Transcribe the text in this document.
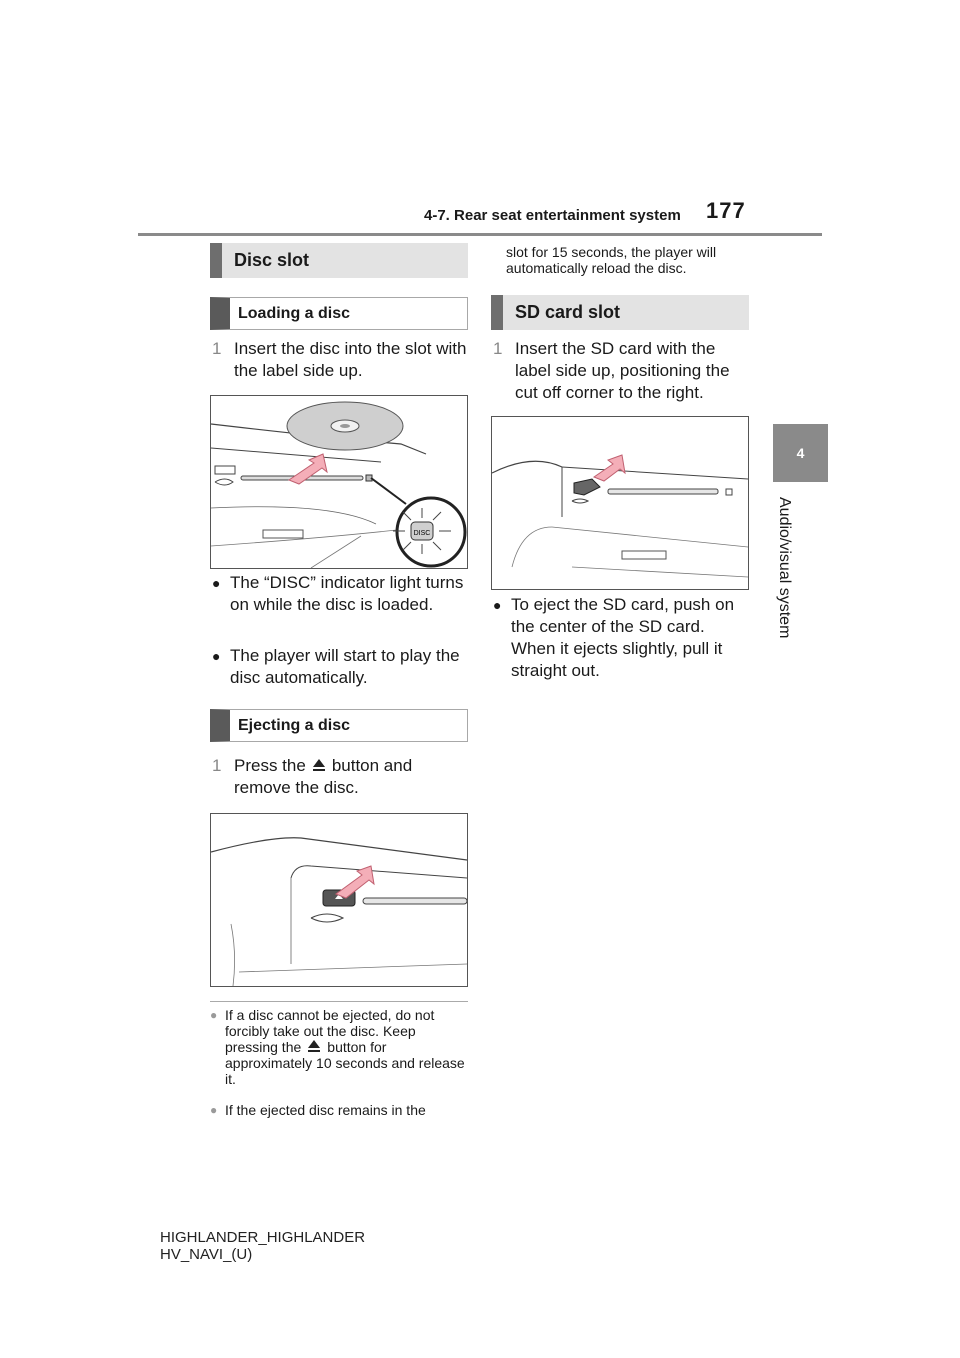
4-7. Rear seat entertainment system 177
4
Audio/visual system
Disc slot
Loading a disc
1 Insert the disc into the slot with the label side up.
DISC
● The “DISC” indicator light turns on while the disc is loaded.
● The player will start to play the disc automatically.
Ejecting a disc
1 Press the button and remove the disc.
● If a disc cannot be ejected, do not forcibly take out the disc. Keep pressing the button for approximately 10 seconds and release it.
● If the ejected disc remains in the
slot for 15 seconds, the player will automatically reload the disc.
SD card slot
1 Insert the SD card with the label side up, positioning the cut off corner to the right.
● To eject the SD card, push on the center of the SD card. When it ejects slightly, pull it straight out.
HIGHLANDER_HIGHLANDER
HV_NAVI_(U)
